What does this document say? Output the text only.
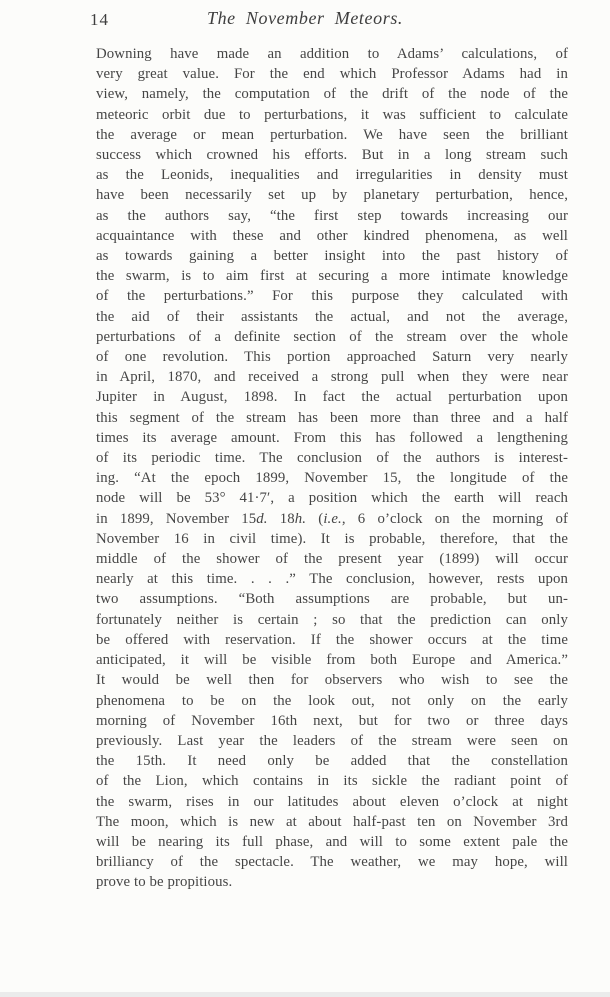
14	The November Meteors.
Downing have made an addition to Adams’ calculations, of
very great value. For the end which Professor Adams had in
view, namely, the computation of the drift of the node of the
meteoric orbit due to perturbations, it was sufficient to calculate
the average or mean perturbation. We have seen the brilliant
success which crowned his efforts. But in a long stream such
as the Leonids, inequalities and irregularities in density must
have been necessarily set up by planetary perturbation, hence,
as the authors say, “the first step towards increasing our
acquaintance with these and other kindred phenomena, as well
as towards gaining a better insight into the past history of
the swarm, is to aim first at securing a more intimate knowledge
of the perturbations.” For this purpose they calculated with
the aid of their assistants the actual, and not the average,
perturbations of a definite section of the stream over the whole
of one revolution. This portion approached Saturn very nearly
in April, 1870, and received a strong pull when they were near
Jupiter in August, 1898. In fact the actual perturbation upon
this segment of the stream has been more than three and a half
times its average amount. From this has followed a lengthening
of its periodic time. The conclusion of the authors is interest-
ing. “At the epoch 1899, November 15, the longitude of the
node will be 53° 41·7′, a position which the earth will reach
in 1899, November 15d. 18h. (i.e., 6 o’clock on the morning of
November 16 in civil time). It is probable, therefore, that the
middle of the shower of the present year (1899) will occur
nearly at this time. . . .” The conclusion, however, rests upon
two assumptions. “Both assumptions are probable, but un-
fortunately neither is certain ; so that the prediction can only
be offered with reservation. If the shower occurs at the time
anticipated, it will be visible from both Europe and America.”
It would be well then for observers who wish to see the
phenomena to be on the look out, not only on the early
morning of November 16th next, but for two or three days
previously. Last year the leaders of the stream were seen on
the 15th. It need only be added that the constellation
of the Lion, which contains in its sickle the radiant point of
the swarm, rises in our latitudes about eleven o’clock at night
The moon, which is new at about half-past ten on November 3rd
will be nearing its full phase, and will to some extent pale the
brilliancy of the spectacle. The weather, we may hope, will
prove to be propitious.
